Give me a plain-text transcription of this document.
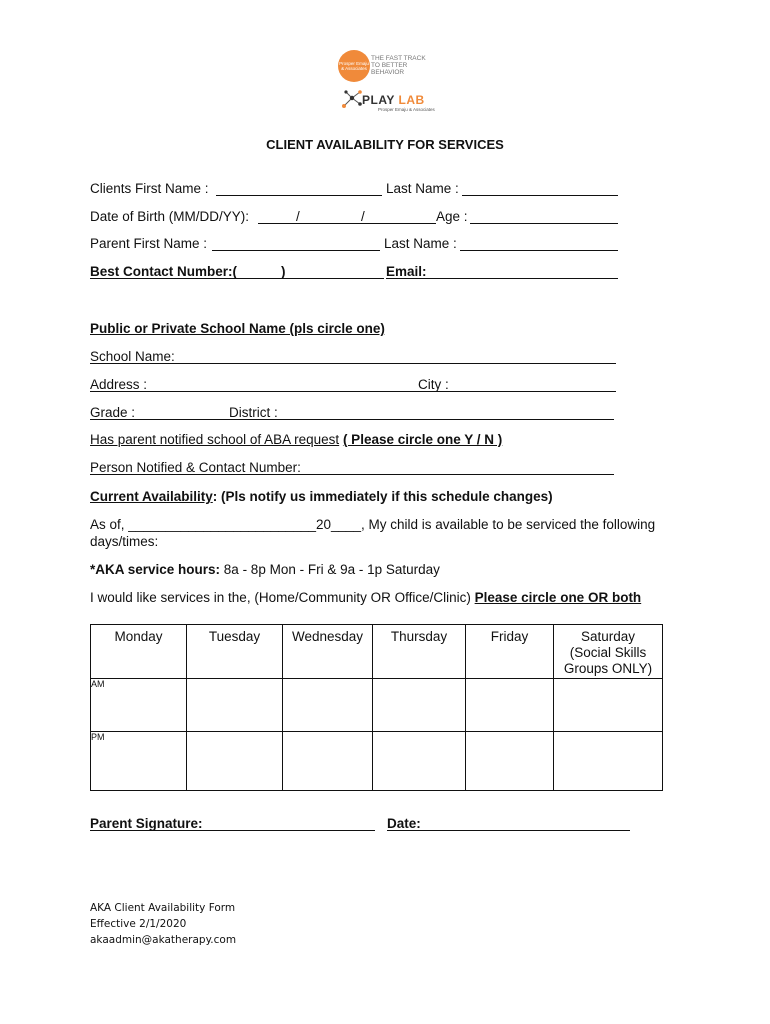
Prosper Emaju & Associates
THE FAST TRACK
TO BETTER
BEHAVIOR
PLAY LAB
Prosper Emaju & Associates
CLIENT AVAILABILITY FOR SERVICES
Clients First Name :	Last Name :
Date of Birth (MM/DD/YY):	/	/	Age :
Parent First Name :	Last Name :
Best Contact Number:(	)	Email:
Public or Private School Name (pls circle one)
School Name:
Address :	City :
Grade :	District :
Has parent notified school of ABA request ( Please circle one Y / N )
Person Notified & Contact Number:
Current Availability: (Pls notify us immediately if this schedule changes)
As of, _________________________20____, My child is available to be serviced the following
days/times:
*AKA service hours: 8a - 8p Mon - Fri & 9a - 1p Saturday
I would like services in the, (Home/Community OR Office/Clinic) Please circle one OR both
Monday	Tuesday	Wednesday	Thursday	Friday	Saturday
(Social Skills
Groups ONLY)

AM					
PM					
Parent Signature:	Date:
AKA Client Availability Form
Effective 2/1/2020
akaadmin@akatherapy.com
